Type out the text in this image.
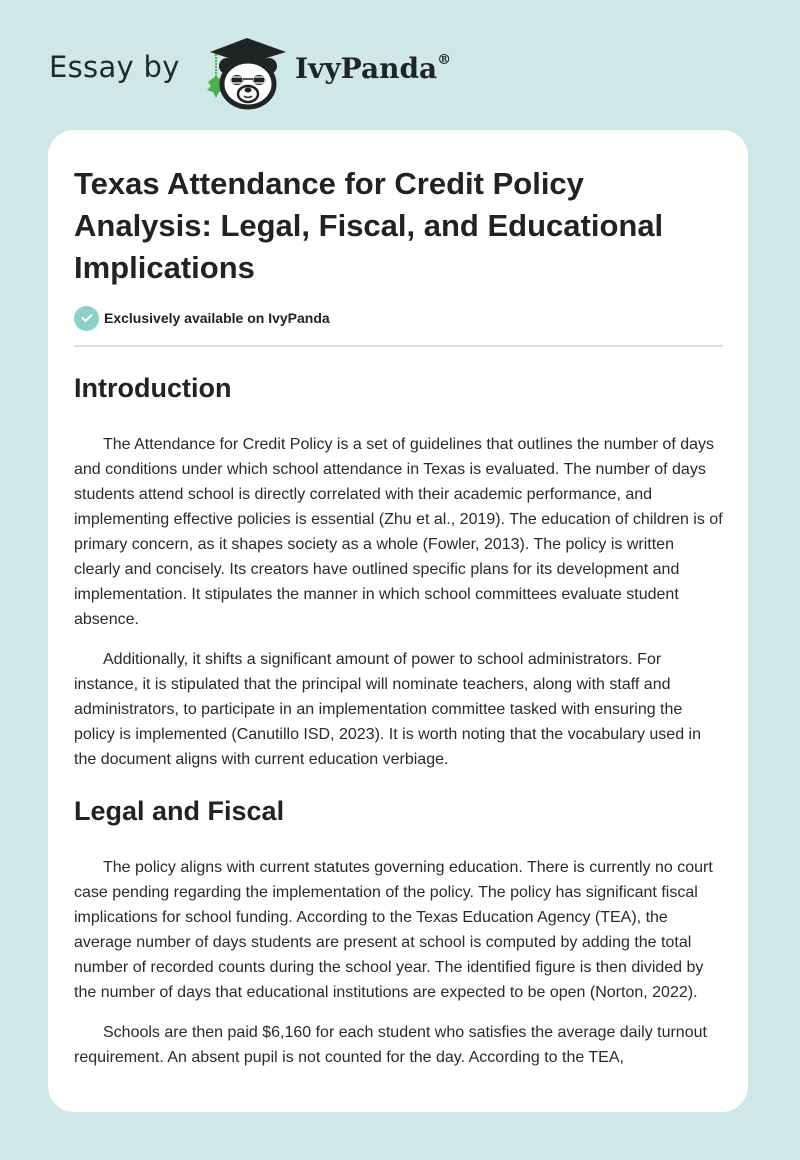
Essay by	IvyPanda®
Texas Attendance for Credit Policy Analysis: Legal, Fiscal, and Educational Implications
Exclusively available on IvyPanda
Introduction

The Attendance for Credit Policy is a set of guidelines that outlines the number of days and conditions under which school attendance in Texas is evaluated. The number of days students attend school is directly correlated with their academic performance, and implementing effective policies is essential (Zhu et al., 2019). The education of children is of primary concern, as it shapes society as a whole (Fowler, 2013). The policy is written clearly and concisely. Its creators have outlined specific plans for its development and implementation. It stipulates the manner in which school committees evaluate student absence.

Additionally, it shifts a significant amount of power to school administrators. For instance, it is stipulated that the principal will nominate teachers, along with staff and administrators, to participate in an implementation committee tasked with ensuring the policy is implemented (Canutillo ISD, 2023). It is worth noting that the vocabulary used in the document aligns with current education verbiage.

Legal and Fiscal

The policy aligns with current statutes governing education. There is currently no court case pending regarding the implementation of the policy. The policy has significant fiscal implications for school funding. According to the Texas Education Agency (TEA), the average number of days students are present at school is computed by adding the total number of recorded counts during the school year. The identified figure is then divided by the number of days that educational institutions are expected to be open (Norton, 2022).

Schools are then paid $6,160 for each student who satisfies the average daily turnout requirement. An absent pupil is not counted for the day. According to the TEA,
